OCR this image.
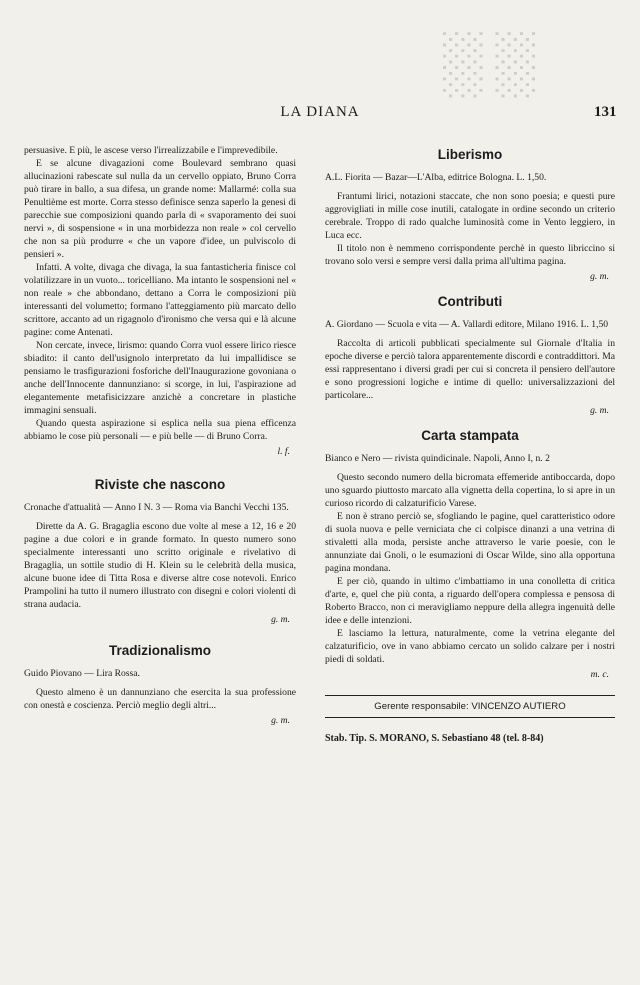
░░
LA DIANA	131

persuasive. E più, le ascese verso l'irrealizzabile e l'imprevedibile.

E se alcune divagazioni come Boulevard sembrano quasi allucinazioni rabescate sul nulla da un cervello oppiato, Bruno Corra può tirare in ballo, a sua difesa, un grande nome: Mallarmé: colla sua Penultième est morte. Corra stesso definisce senza saperlo la genesi di parecchie sue composizioni quando parla di « svaporamento dei suoi nervi », di sospensione « in una morbidezza non reale » col cervello che non sa più produrre « che un vapore d'idee, un pulviscolo di pensieri ».

Infatti. A volte, divaga che divaga, la sua fantasticheria finisce col volatilizzare in un vuoto... toricelliano. Ma intanto le sospensioni nel « non reale » che abbondano, dettano a Corra le composizioni più interessanti del volumetto; formano l'atteggiamento più marcato dello scrittore, accanto ad un rigagnolo d'ironismo che versa qui e là alcune pagine: come Antenati.

Non cercate, invece, lirismo: quando Corra vuol essere lirico riesce sbiadito: il canto dell'usignolo interpretato da lui impallidisce se pensiamo le trasfigurazioni fosforiche dell'Inaugurazione govoniana o anche dell'Innocente dannunziano: si scorge, in lui, l'aspirazione ad elegantemente metafisicizzare anzichè a concretare in plastiche immagini sensuali.

Quando questa aspirazione si esplica nella sua piena efficenza abbiamo le cose più personali — e più belle — di Bruno Corra.

l. f.
Riviste che nascono

Cronache d'attualità — Anno I N. 3 — Roma via Banchi Vecchi 135.

Dirette da A. G. Bragaglia escono due volte al mese a 12, 16 e 20 pagine a due colori e in grande formato. In questo numero sono specialmente interessanti uno scritto originale e rivelativo di Bragaglia, un sottile studio di H. Klein su le celebrità della musica, alcune buone idee di Titta Rosa e diverse altre cose notevoli. Enrico Prampolini ha tutto il numero illustrato con disegni e colori violenti di strana audacia.

g. m.
Tradizionalismo

Guido Piovano — Lira Rossa.

Questo almeno è un dannunziano che esercita la sua professione con onestà e coscienza. Perciò meglio degli altri...

g. m.
Liberismo

A.L. Fiorita — Bazar—L'Alba, editrice Bologna. L. 1,50.

Frantumi lirici, notazioni staccate, che non sono poesia; e questi pure aggrovigliati in mille cose inutili, catalogate in ordine secondo un criterio cerebrale. Troppo di rado qualche luminosità come in Vento leggiero, in Luca ecc.

Il titolo non è nemmeno corrispondente perchè in questo libriccino si trovano solo versi e sempre versi dalla prima all'ultima pagina.

g. m.
Contributi

A. Giordano — Scuola e vita — A. Vallardi editore, Milano 1916. L. 1,50

Raccolta di articoli pubblicati specialmente sul Giornale d'Italia in epoche diverse e perciò talora apparentemente discordi e contraddittori. Ma essi rappresentano i diversi gradi per cui si concreta il pensiero dell'autore e sono progressioni logiche e intime di quello: universalizzazioni del particolare...

g. m.
Carta stampata

Bianco e Nero — rivista quindicinale. Napoli, Anno I, n. 2

Questo secondo numero della bicromata effemeride antiboccarda, dopo uno sguardo piuttosto marcato alla vignetta della copertina, lo si apre in un curioso ricordo di calzaturificio Varese.

E non è strano perciò se, sfogliando le pagine, quel caratteristico odore di suola nuova e pelle verniciata che ci colpisce dinanzi a una vetrina di stivaletti alla moda, persiste anche attraverso le varie poesie, con le annunziate dai Gnoli, o le esumazioni di Oscar Wilde, sino alla opportuna pagina mondana.

E per ciò, quando in ultimo c'imbattiamo in una conolletta di critica d'arte, e, quel che più conta, a riguardo dell'opera complessa e pensosa di Roberto Bracco, non ci meravigliamo neppure della allegra ingenuità delle idee e delle intenzioni.

E lasciamo la lettura, naturalmente, come la vetrina elegante del calzaturificio, ove in vano abbiamo cercato un solido calzare per i nostri piedi di soldati.

m. c.
Gerente responsabile: VINCENZO AUTIERO
Stab. Tip. S. MORANO, S. Sebastiano 48 (tel. 8-84)
